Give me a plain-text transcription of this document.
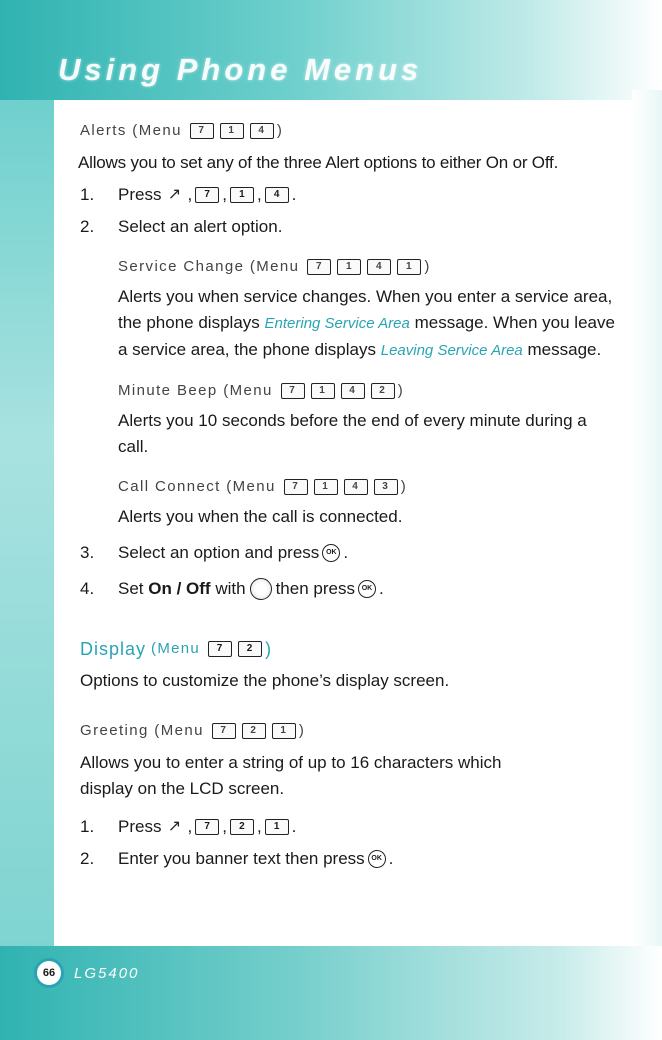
Using Phone Menus
Alerts (Menu	7	1	4 )

Allows you to set any of the three Alert options to either On or Off.

1.	Press ↗ ,	7 ,	1 ,	4 .
2.	Select an alert option.
Service Change (Menu	7	1	4	1 )

Alerts you when service changes. When you enter a service area, the phone displays Entering Service Area message. When you leave a service area, the phone displays Leaving Service Area message.

Minute Beep (Menu	7	1	4	2 )

Alerts you 10 seconds before the end of every minute during a call.

Call Connect (Menu	7	1	4	3 )

Alerts you when the call is connected.

3.	Select an option and press OK .
4.	Set
On / Off
with then press OK .
Display (Menu	7	2 )

Options to customize the phone’s display screen.

Greeting (Menu	7	2	1 )

Allows you to enter a string of up to 16 characters which display on the LCD screen.

1.	Press ↗ ,	7 ,	2 ,	1 .
2.	Enter you banner text then press OK .
66	LG5400
